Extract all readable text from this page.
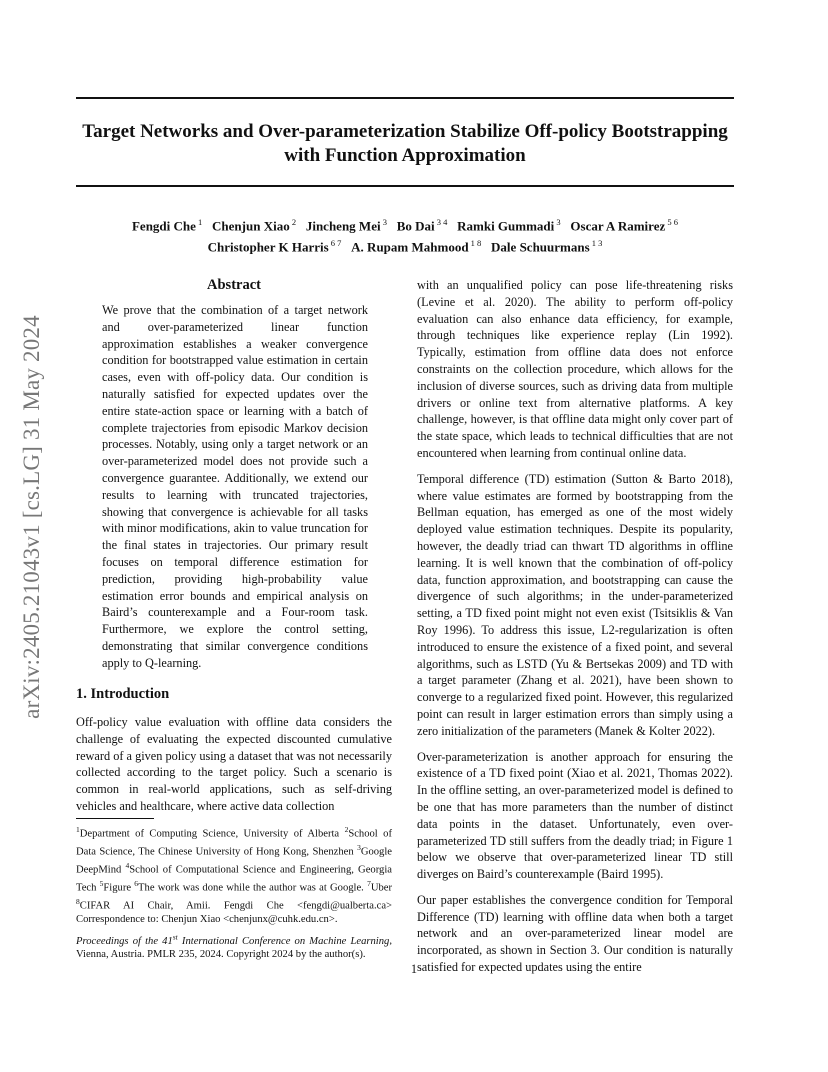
Target Networks and Over-parameterization Stabilize Off-policy Bootstrapping
with Function Approximation
Fengdi Che $^1$ Chenjun Xiao $^2$ Jincheng Mei $^3$ Bo Dai $^{3 4}$ Ramki Gummadi $^3$ Oscar A Ramirez $^{5 6}$
Christopher K Harris $^{6 7}$ A. Rupam Mahmood $^{1 8}$ Dale Schuurmans $^{1 3}$
arXiv:2405.21043v1 [cs.LG] 31 May 2024
Abstract
We prove that the combination of a target network and over-parameterized linear function approximation establishes a weaker convergence condition for bootstrapped value estimation in certain cases, even with off-policy data. Our condition is naturally satisfied for expected updates over the entire state-action space or learning with a batch of complete trajectories from episodic Markov decision processes. Notably, using only a target network or an over-parameterized model does not provide such a convergence guarantee. Additionally, we extend our results to learning with truncated trajectories, showing that convergence is achievable for all tasks with minor modifications, akin to value truncation for the final states in trajectories. Our primary result focuses on temporal difference estimation for prediction, providing high-probability value estimation error bounds and empirical analysis on Baird’s counterexample and a Four-room task. Furthermore, we explore the control setting, demonstrating that similar convergence conditions apply to Q-learning.
1. Introduction
Off-policy value evaluation with offline data considers the challenge of evaluating the expected discounted cumulative reward of a given policy using a dataset that was not necessarily collected according to the target policy. Such a scenario is common in real-world applications, such as self-driving vehicles and healthcare, where active data collection
$^1$Department of Computing Science, University of Alberta $^2$School of Data Science, The Chinese University of Hong Kong, Shenzhen $^3$Google DeepMind $^4$School of Computational Science and Engineering, Georgia Tech $^5$Figure $^6$The work was done while the author was at Google. $^7$Uber $^8$CIFAR AI Chair, Amii. Fengdi Che <fengdi@ualberta.ca> Correspondence to: Chenjun Xiao <chenjunx@cuhk.edu.cn>.
Proceedings of the 41st International Conference on Machine Learning, Vienna, Austria. PMLR 235, 2024. Copyright 2024 by the author(s).

with an unqualified policy can pose life-threatening risks (Levine et al. 2020). The ability to perform off-policy evaluation can also enhance data efficiency, for example, through techniques like experience replay (Lin 1992). Typically, estimation from offline data does not enforce constraints on the collection procedure, which allows for the inclusion of diverse sources, such as driving data from multiple drivers or online text from alternative platforms. A key challenge, however, is that offline data might only cover part of the state space, which leads to technical difficulties that are not encountered when learning from continual online data.

Temporal difference (TD) estimation (Sutton & Barto 2018), where value estimates are formed by bootstrapping from the Bellman equation, has emerged as one of the most widely deployed value estimation techniques. Despite its popularity, however, the deadly triad can thwart TD algorithms in offline learning. It is well known that the combination of off-policy data, function approximation, and bootstrapping can cause the divergence of such algorithms; in the under-parameterized setting, a TD fixed point might not even exist (Tsitsiklis & Van Roy 1996). To address this issue, L2-regularization is often introduced to ensure the existence of a fixed point, and several algorithms, such as LSTD (Yu & Bertsekas 2009) and TD with a target parameter (Zhang et al. 2021), have been shown to converge to a regularized fixed point. However, this regularized point can result in larger estimation errors than simply using a zero initialization of the parameters (Manek & Kolter 2022).

Over-parameterization is another approach for ensuring the existence of a TD fixed point (Xiao et al. 2021, Thomas 2022). In the offline setting, an over-parameterized model is defined to be one that has more parameters than the number of distinct data points in the dataset. Unfortunately, even over-parameterized TD still suffers from the deadly triad; in Figure 1 below we observe that over-parameterized linear TD still diverges on Baird’s counterexample (Baird 1995).

Our paper establishes the convergence condition for Temporal Difference (TD) learning with offline data when both a target network and an over-parameterized linear model are incorporated, as shown in Section 3. Our condition is naturally satisfied for expected updates using the entire

1
